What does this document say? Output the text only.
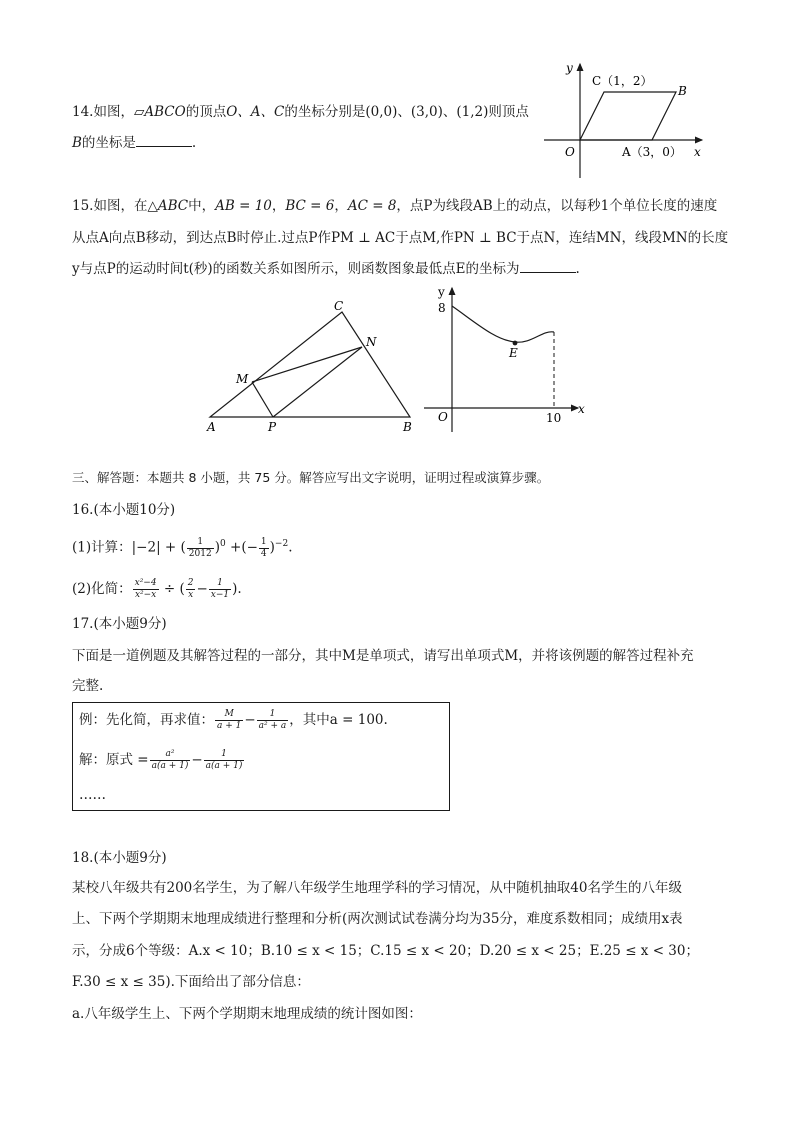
14.如图，▱ABCO的顶点O、A、C的坐标分别是(0,0)、(3,0)、(1,2)则顶点
B的坐标是	.
y
x
O
C（1，2）
B
A（3，0）
15.如图，在△ABC中，AB = 10，BC = 6，AC = 8，点P为线段AB上的动点，以每秒1个单位长度的速度
从点A向点B移动，到达点B时停止.过点P作PM ⊥ AC于点M,作PN ⊥ BC于点N，连结MN，线段MN的长度
y与点P的运动时间t(秒)的函数关系如图所示，则函数图象最低点E的坐标为	.
A	B
C
M
N
P
y
x
O
8
10
E
三、解答题：本题共 8 小题，共 75 分。解答应写出文字说明，证明过程或演算步骤。
16.(本小题10分)
(1)计算：|−2| + ( $\frac{1}{2012} )^0$ +(− $\frac{1}{4} )^{-2}$.
(2)化简： $\frac{\text{x²−4}}{\text{x²−x}}$ ÷ ( $\frac{2}{x} - \frac{1}{x-1}$ ).
17.(本小题9分)
下面是一道例题及其解答过程的一部分，其中M是单项式，请写出单项式M，并将该例题的解答过程补充
完整.
例：先化简，再求值： $\frac{M}{a + 1} - \frac{1}{\text{a² + a}}$ ，其中a = 100.
解：原式 = $\frac{\text{a²}}{a(a + 1)} - \frac{1}{a(a + 1)}$
……
18.(本小题9分)
某校八年级共有200名学生，为了解八年级学生地理学科的学习情况，从中随机抽取40名学生的八年级
上、下两个学期期末地理成绩进行整理和分析(两次测试试卷满分均为35分，难度系数相同；成绩用x表
示，分成6个等级：A.x < 10；B.10 ≤ x < 15；C.15 ≤ x < 20；D.20 ≤ x < 25；E.25 ≤ x < 30；
F.30 ≤ x ≤ 35).下面给出了部分信息：
a.八年级学生上、下两个学期期末地理成绩的统计图如图：
